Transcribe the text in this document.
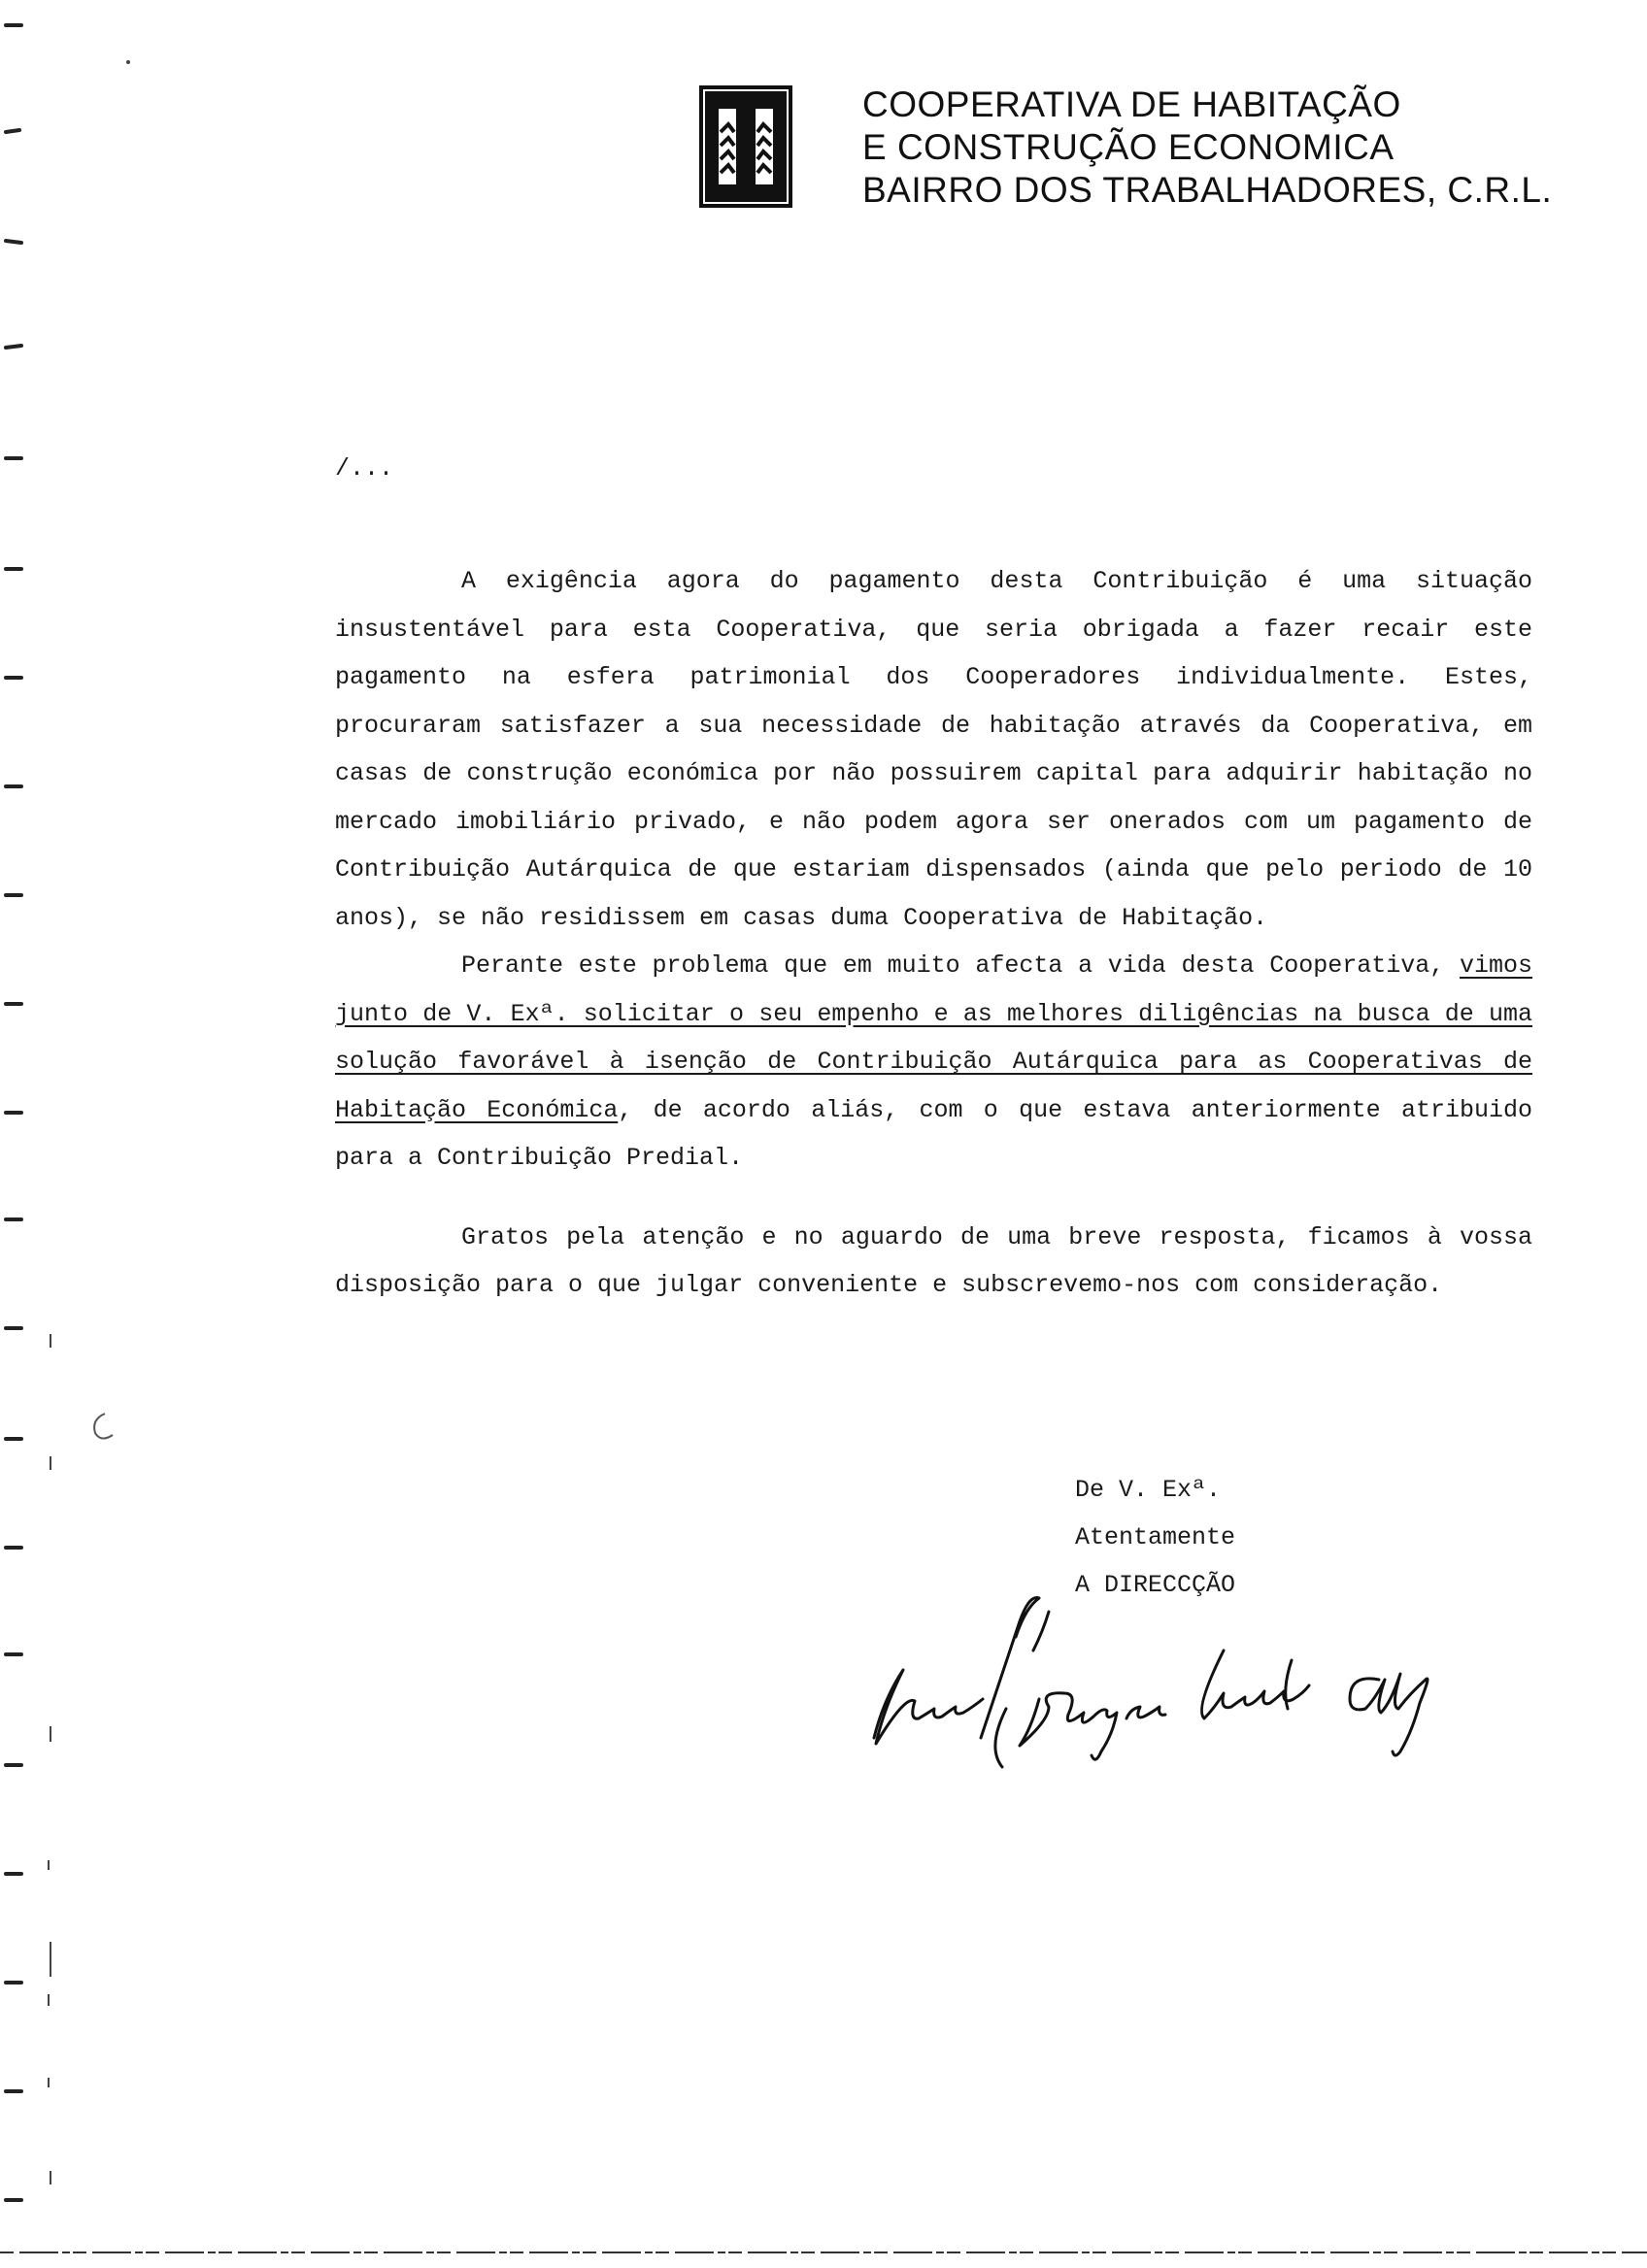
COOPERATIVA DE HABITAÇÃO
E CONSTRUÇÃO ECONOMICA
BAIRRO DOS TRABALHADORES, C.R.L.
/...

A exigência agora do pagamento desta Contribuição é uma situação insustentável para esta Cooperativa, que seria obrigada a fazer recair este pagamento na esfera patrimonial dos Cooperadores individualmente. Estes, procuraram satisfazer a sua necessidade de habitação através da Cooperativa, em casas de construção económica por não possuirem capital para adquirir habitação no mercado imobiliário privado, e não podem agora ser onerados com um pagamento de Contribuição Autárquica de que estariam dispensados (ainda que pelo periodo de 10 anos), se não residissem em casas duma Cooperativa de Habitação.

Perante este problema que em muito afecta a vida desta Cooperativa, vimos junto de V. Exª. solicitar o seu empenho e as melhores diligências na busca de uma solução favorável à isenção de Contribuição Autárquica para as Cooperativas de Habitação Económica, de acordo aliás, com o que estava anteriormente atribuido para a Contribuição Predial.

Gratos pela atenção e no aguardo de uma breve resposta, ficamos à vossa disposição para o que julgar conveniente e subscrevemo-nos com consideração.

De V. Exª.
Atentamente
A DIRECCÇÃO
